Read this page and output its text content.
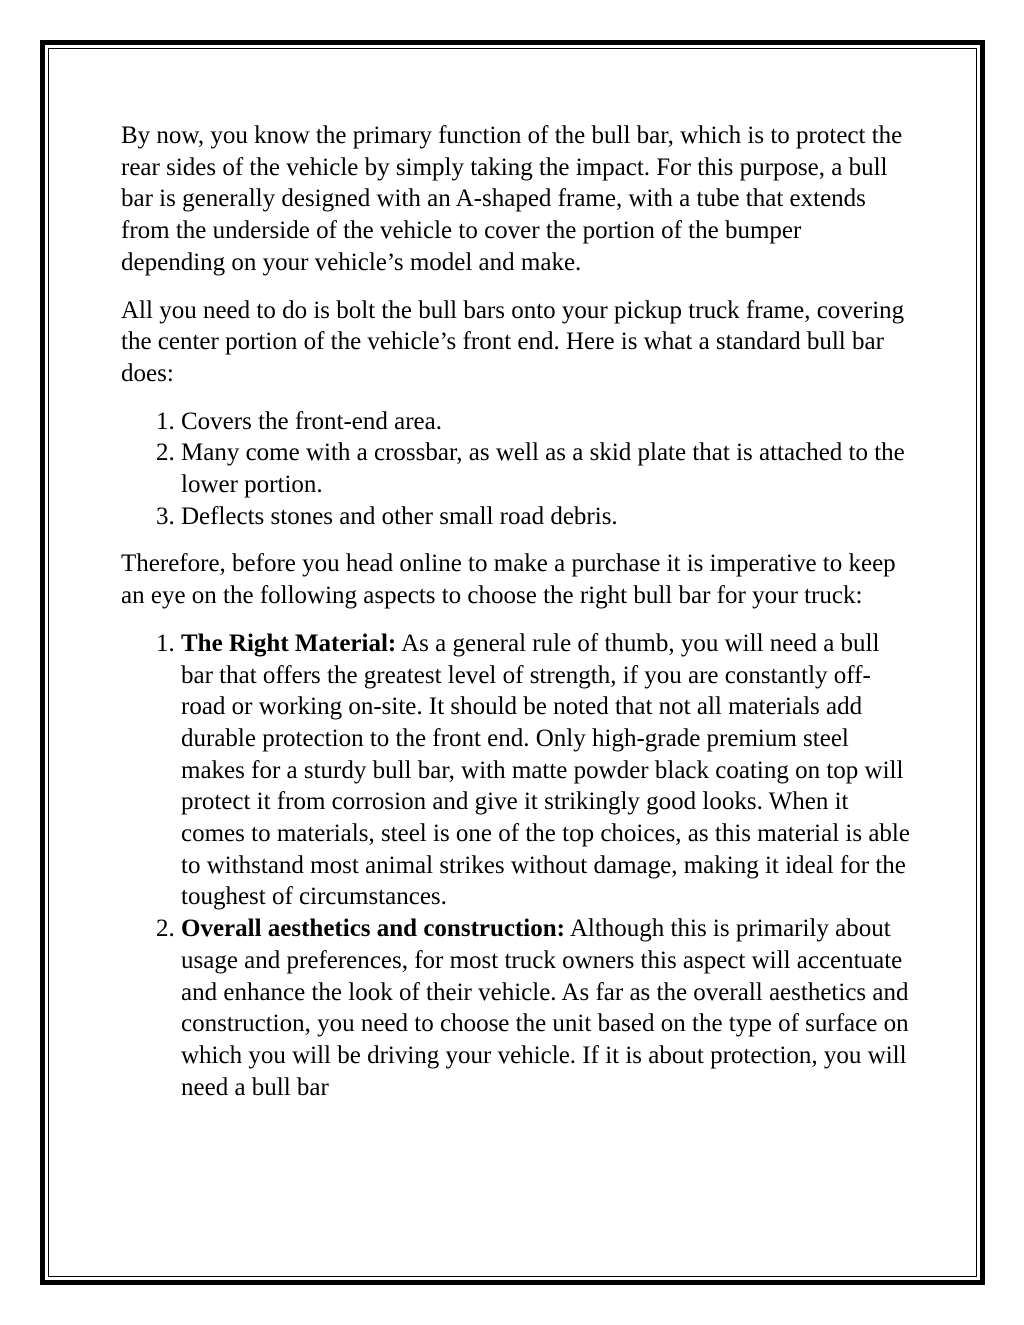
By now, you know the primary function of the bull bar, which is to protect the rear sides of the vehicle by simply taking the impact. For this purpose, a bull bar is generally designed with an A-shaped frame, with a tube that extends from the underside of the vehicle to cover the portion of the bumper depending on your vehicle’s model and make.

All you need to do is bolt the bull bars onto your pickup truck frame, covering the center portion of the vehicle’s front end. Here is what a standard bull bar does:

1. Covers the front-end area.
2. Many come with a crossbar, as well as a skid plate that is attached to the lower portion.
3. Deflects stones and other small road debris.

Therefore, before you head online to make a purchase it is imperative to keep an eye on the following aspects to choose the right bull bar for your truck:

1. The Right Material: As a general rule of thumb, you will need a bull bar that offers the greatest level of strength, if you are constantly off-road or working on-site. It should be noted that not all materials add durable protection to the front end. Only high-grade premium steel makes for a sturdy bull bar, with matte powder black coating on top will protect it from corrosion and give it strikingly good looks. When it comes to materials, steel is one of the top choices, as this material is able to withstand most animal strikes without damage, making it ideal for the toughest of circumstances.
2. Overall aesthetics and construction: Although this is primarily about usage and preferences, for most truck owners this aspect will accentuate and enhance the look of their vehicle. As far as the overall aesthetics and construction, you need to choose the unit based on the type of surface on which you will be driving your vehicle. If it is about protection, you will need a bull bar
